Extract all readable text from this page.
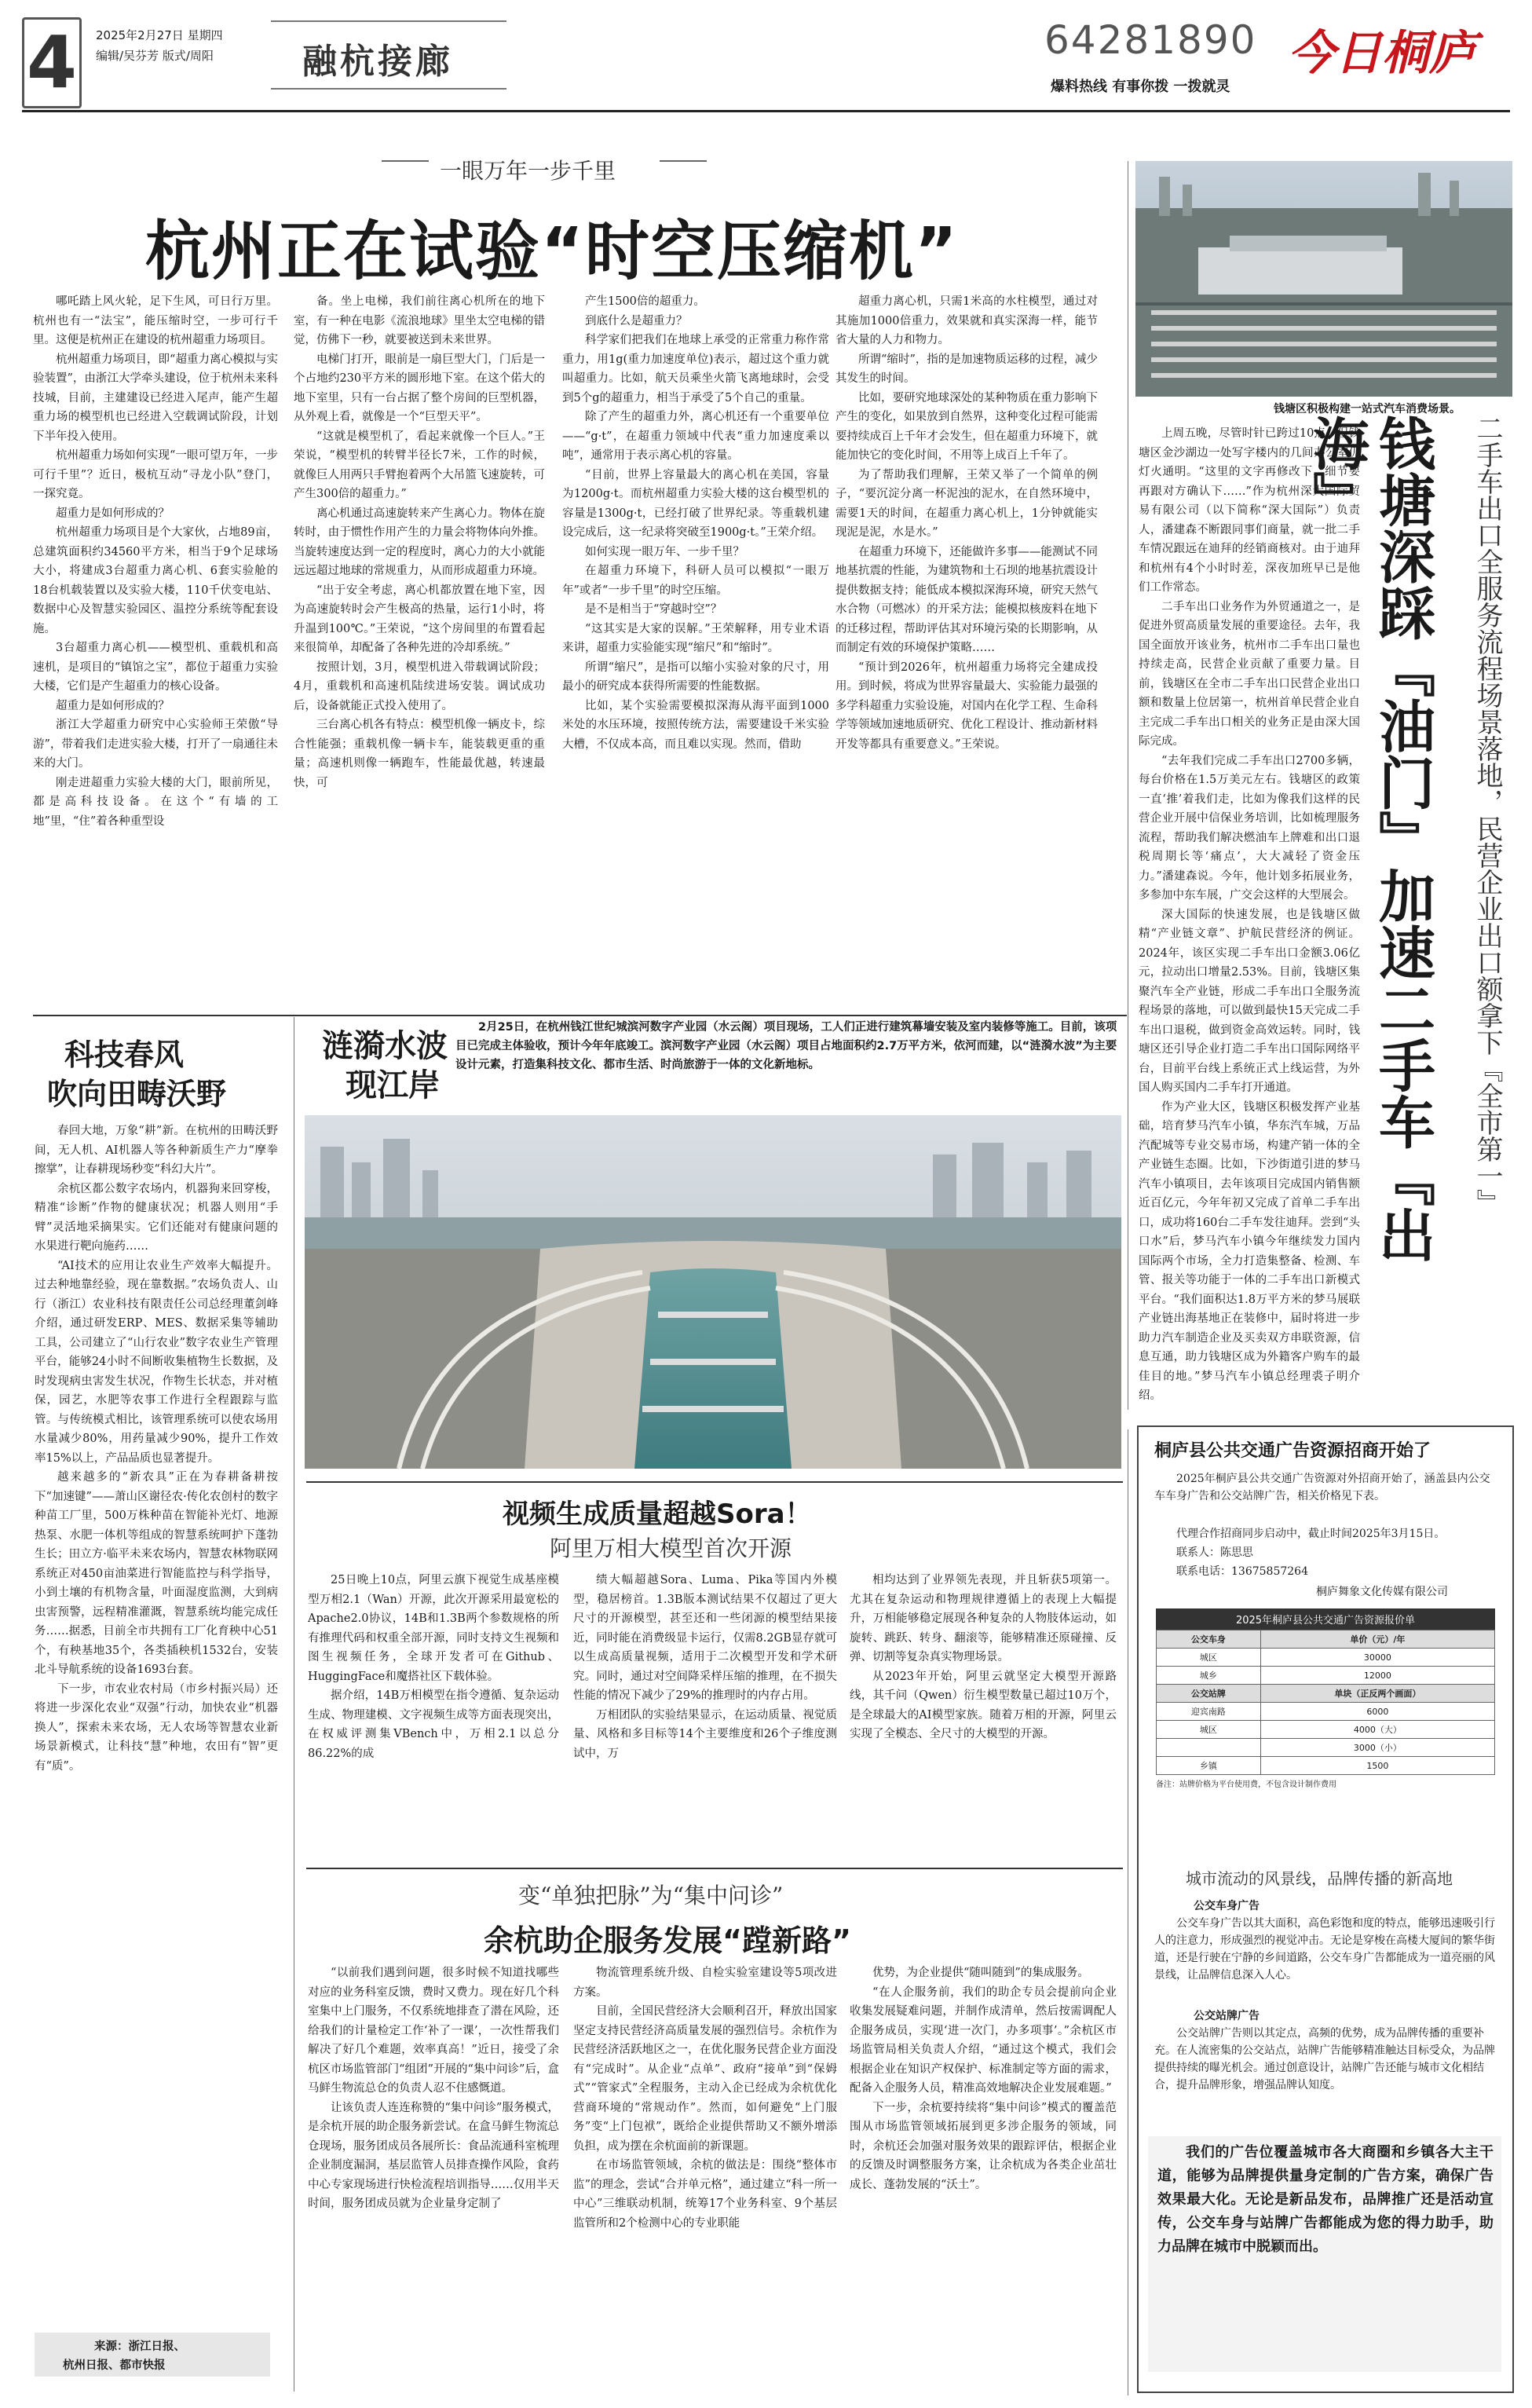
4	2025年2月27日 星期四
编辑/吴芬芳 版式/周阳	融杭接廊	64281890
爆料热线 有事你拨 一拨就灵
今日桐庐
一眼万年一步千里
杭州正在试验“时空压缩机”

哪吒踏上风火轮，足下生风，可日行万里。杭州也有一“法宝”，能压缩时空，一步可行千里。这便是杭州正在建设的杭州超重力场项目。

杭州超重力场项目，即“超重力离心模拟与实验装置”，由浙江大学牵头建设，位于杭州未来科技城，目前，主建建设已经进入尾声，能产生超重力场的模型机也已经进入空载调试阶段，计划下半年投入使用。

杭州超重力场如何实现“一眼可望万年，一步可行千里”？近日，极杭互动“寻龙小队”登门，一探究竟。

超重力是如何形成的？

杭州超重力场项目是个大家伙，占地89亩，总建筑面积约34560平方米，相当于9个足球场大小，将建成3台超重力离心机、6套实验舱的18台机载装置以及实验大楼，110千伏变电站、数据中心及智慧实验园区、温控分系统等配套设施。

3台超重力离心机——模型机、重载机和高速机，是项目的“镇馆之宝”，都位于超重力实验大楼，它们是产生超重力的核心设备。

超重力是如何形成的？

浙江大学超重力研究中心实验师王荣傲“导游”，带着我们走进实验大楼，打开了一扇通往未来的大门。

刚走进超重力实验大楼的大门，眼前所见，都是高科技设备。在这个“有墙的工地”里，“住”着各种重型设

备。坐上电梯，我们前往离心机所在的地下室，有一种在电影《流浪地球》里坐太空电梯的错觉，仿佛下一秒，就要被送到未来世界。

电梯门打开，眼前是一扇巨型大门，门后是一个占地约230平方米的圆形地下室。在这个偌大的地下室里，只有一台占据了整个房间的巨型机器，从外观上看，就像是一个“巨型天平”。

“这就是模型机了，看起来就像一个巨人。”王荣说，“模型机的转臂半径长7米，工作的时候，就像巨人用两只手臂抱着两个大吊篮飞速旋转，可产生300倍的超重力。”

离心机通过高速旋转来产生离心力。物体在旋转时，由于惯性作用产生的力量会将物体向外推。当旋转速度达到一定的程度时，离心力的大小就能远远超过地球的常规重力，从而形成超重力环境。

“出于安全考虑，离心机都放置在地下室，因为高速旋转时会产生极高的热量，运行1小时，将升温到100℃。”王荣说，“这个房间里的布置看起来很简单，却配备了各种先进的冷却系统。”

按照计划，3月，模型机进入带载调试阶段；4月，重载机和高速机陆续进场安装。调试成功后，设备就能正式投入使用了。

三台离心机各有特点：模型机像一辆皮卡，综合性能强；重载机像一辆卡车，能装载更重的重量；高速机则像一辆跑车，性能最优越，转速最快，可

产生1500倍的超重力。

到底什么是超重力？

科学家们把我们在地球上承受的正常重力称作常重力，用1g(重力加速度单位)表示，超过这个重力就叫超重力。比如，航天员乘坐火箭飞离地球时，会受到5个g的超重力，相当于承受了5个自己的重量。

除了产生的超重力外，离心机还有一个重要单位——“g·t”，在超重力领域中代表“重力加速度乘以吨”，通常用于表示离心机的容量。

“目前，世界上容量最大的离心机在美国，容量为1200g·t。而杭州超重力实验大楼的这台模型机的容量是1300g·t，已经打破了世界纪录。等重载机建设完成后，这一纪录将突破至1900g·t。”王荣介绍。

如何实现一眼万年、一步千里？

在超重力环境下，科研人员可以模拟“一眼万年”或者“一步千里”的时空压缩。

是不是相当于“穿越时空”？

“这其实是大家的误解。”王荣解释，用专业术语来讲，超重力实验能实现“缩尺”和“缩时”。

所谓“缩尺”，是指可以缩小实验对象的尺寸，用最小的研究成本获得所需要的性能数据。

比如，某个实验需要模拟深海从海平面到1000米处的水压环境，按照传统方法，需要建设千米实验大槽，不仅成本高，而且难以实现。然而，借助

超重力离心机，只需1米高的水柱模型，通过对其施加1000倍重力，效果就和真实深海一样，能节省大量的人力和物力。

所谓“缩时”，指的是加速物质运移的过程，减少其发生的时间。

比如，要研究地球深处的某种物质在重力影响下产生的变化，如果放到自然界，这种变化过程可能需要持续成百上千年才会发生，但在超重力环境下，就能加快它的变化时间，不用等上成百上千年了。

为了帮助我们理解，王荣又举了一个简单的例子，“要沉淀分离一杯泥浊的泥水，在自然环境中，需要1天的时间，在超重力离心机上，1分钟就能实现泥是泥，水是水。”

在超重力环境下，还能做许多事——能测试不同地基抗震的性能，为建筑物和土石坝的地基抗震设计提供数据支持；能低成本模拟深海环境，研究天然气水合物（可燃冰）的开采方法；能模拟核废料在地下的迁移过程，帮助评估其对环境污染的长期影响，从而制定有效的环境保护策略……

“预计到2026年，杭州超重力场将完全建成投用。到时候，将成为世界容量最大、实验能力最强的多学科超重力实验设施，对国内在化学工程、生命科学等领域加速地质研究、优化工程设计、推动新材料开发等都具有重要意义。”王荣说。

钱塘区积极构建一站式汽车消费场景。
二手车出口全服务流程场景落地，民营企业出口额拿下『全市第一』
钱塘深踩『油门』加速二手车『出海』

上周五晚，尽管时针已跨过10点，但钱塘区金沙湖边一处写字楼内的几间办公室仍灯火通明。“这里的文字再修改下，细节要再跟对方确认下……”作为杭州深大国际贸易有限公司（以下简称“深大国际”）负责人，潘建森不断跟同事们商量，就一批二手车情况跟远在迪拜的经销商核对。由于迪拜和杭州有4个小时时差，深夜加班早已是他们工作常态。

二手车出口业务作为外贸通道之一，是促进外贸高质量发展的重要途径。去年，我国全面放开该业务，杭州市二手车出口量也持续走高，民营企业贡献了重要力量。目前，钱塘区在全市二手车出口民营企业出口额和数量上位居第一，杭州首单民营企业自主完成二手车出口相关的业务正是由深大国际完成。

“去年我们完成二手车出口2700多辆，每台价格在1.5万美元左右。钱塘区的政策一直‘推’着我们走，比如为像我们这样的民营企业开展中信保业务培训，比如梳理服务流程，帮助我们解决燃油车上牌难和出口退税周期长等‘痛点’，大大减轻了资金压力。”潘建森说。今年，他计划多拓展业务，多参加中东车展，广交会这样的大型展会。

深大国际的快速发展，也是钱塘区做精“产业链文章”、护航民营经济的例证。2024年，该区实现二手车出口金额3.06亿元，拉动出口增量2.53%。目前，钱塘区集聚汽车全产业链，形成二手车出口全服务流程场景的落地，可以做到最快15天完成二手车出口退税，做到资金高效运转。同时，钱塘区还引导企业打造二手车出口国际网络平台，目前平台线上系统正式上线运营，为外国人购买国内二手车打开通道。

作为产业大区，钱塘区积极发挥产业基础，培育梦马汽车小镇，华东汽车城，万品汽配城等专业交易市场，构建产销一体的全产业链生态圈。比如，下沙街道引进的梦马汽车小镇项目，去年该项目完成国内销售额近百亿元，今年年初又完成了首单二手车出口，成功将160台二手车发往迪拜。尝到“头口水”后，梦马汽车小镇今年继续发力国内国际两个市场，全力打造集整备、检测、车管、报关等功能于一体的二手车出口新模式平台。“我们面积达1.8万平方米的梦马展联产业链出海基地正在装修中，届时将进一步助力汽车制造企业及买卖双方串联资源，信息互通，助力钱塘区成为外籍客户购车的最佳目的地。”梦马汽车小镇总经理裘子明介绍。

科技春风
吹向田畴沃野

春回大地，万象“耕”新。在杭州的田畴沃野间，无人机、AI机器人等各种新质生产力“摩拳擦掌”，让春耕现场秒变“科幻大片”。

余杭区都公数字农场内，机器狗来回穿梭，精准“诊断”作物的健康状况；机器人则用“手臂”灵活地采摘果实。它们还能对有健康问题的水果进行靶向施药……

“AI技术的应用让农业生产效率大幅提升。过去种地靠经验，现在靠数据。”农场负责人、山行（浙江）农业科技有限责任公司总经理董剑峰介绍，通过研发ERP、MES、数据采集等辅助工具，公司建立了“山行农业”数字农业生产管理平台，能够24小时不间断收集植物生长数据，及时发现病虫害发生状况，作物生长状态，并对植保，园艺，水肥等农事工作进行全程跟踪与监管。与传统模式相比，该管理系统可以使农场用水量减少80%，用药量减少90%，提升工作效率15%以上，产品品质也显著提升。

越来越多的“新农具”正在为春耕备耕按下“加速键”——萧山区谢径农·传化农创村的数字种苗工厂里，500万株种苗在智能补光灯、地源热泵、水肥一体机等组成的智慧系统呵护下蓬勃生长；田立方·临平未来农场内，智慧农林物联网系统正对450亩油菜进行智能监控与科学指导，小到土壤的有机物含量，叶面湿度监测，大到病虫害预警，远程精准灌溉，智慧系统均能完成任务……据悉，目前全市共拥有工厂化育秧中心51个，有秧基地35个，各类插秧机1532台，安装北斗导航系统的设备1693台套。

下一步，市农业农村局（市乡村振兴局）还将进一步深化农业“双强”行动，加快农业“机器换人”，探索未来农场，无人农场等智慧农业新场景新模式，让科技“慧”种地，农田有“智”更有“质”。

来源：浙江日报、
杭州日报、都市快报
涟漪水波
现江岸
2月25日，在杭州钱江世纪城滨河数字产业园（水云阁）项目现场，工人们正进行建筑幕墙安装及室内装修等施工。目前，该项目已完成主体验收，预计今年年底竣工。滨河数字产业园（水云阁）项目占地面积约2.7万平方米，依河而建，以“涟漪水波”为主要设计元素，打造集科技文化、都市生活、时尚旅游于一体的文化新地标。
视频生成质量超越Sora！
阿里万相大模型首次开源

25日晚上10点，阿里云旗下视觉生成基座模型万相2.1（Wan）开源，此次开源采用最宽松的Apache2.0协议，14B和1.3B两个参数规格的所有推理代码和权重全部开源，同时支持文生视频和图生视频任务，全球开发者可在Github、HuggingFace和魔搭社区下载体验。

据介绍，14B万相模型在指令遵循、复杂运动生成、物理建模、文字视频生成等方面表现突出，在权威评测集VBench中，万相2.1以总分86.22%的成

绩大幅超越Sora、Luma、Pika等国内外模型，稳居榜首。1.3B版本测试结果不仅超过了更大尺寸的开源模型，甚至还和一些闭源的模型结果接近，同时能在消费级显卡运行，仅需8.2GB显存就可以生成高质量视频，适用于二次模型开发和学术研究。同时，通过对空间降采样压缩的推理，在不损失性能的情况下减少了29%的推理时的内存占用。

万相团队的实验结果显示，在运动质量、视觉质量、风格和多目标等14个主要维度和26个子维度测试中，万

相均达到了业界领先表现，并且斩获5项第一。尤其在复杂运动和物理规律遵循上的表现上大幅提升，万相能够稳定展现各种复杂的人物肢体运动，如旋转、跳跃、转身、翻滚等，能够精准还原碰撞、反弹、切割等复杂真实物理场景。

从2023年开始，阿里云就坚定大模型开源路线，其千问（Qwen）衍生模型数量已超过10万个，是全球最大的AI模型家族。随着万相的开源，阿里云实现了全模态、全尺寸的大模型的开源。

变“单独把脉”为“集中问诊”
余杭助企服务发展“蹚新路”

“以前我们遇到问题，很多时候不知道找哪些对应的业务科室反馈，费时又费力。现在好几个科室集中上门服务，不仅系统地排查了潜在风险，还给我们的计量检定工作‘补了一课’，一次性帮我们解决了好几个难题，效率真高！”近日，接受了余杭区市场监管部门“组团”开展的“集中问诊”后，盒马鲜生物流总仓的负责人忍不住感慨道。

让该负责人连连称赞的“集中问诊”服务模式，是余杭开展的助企服务新尝试。在盒马鲜生物流总仓现场，服务团成员各展所长：食品流通科室梳理企业制度漏洞，基层监管人员排查操作风险，食药中心专家现场进行快检流程培训指导……仅用半天时间，服务团成员就为企业量身定制了

物流管理系统升级、自检实验室建设等5项改进方案。

目前，全国民营经济大会顺利召开，释放出国家坚定支持民营经济高质量发展的强烈信号。余杭作为民营经济活跃地区之一，在优化服务民营企业方面没有“完成时”。从企业“点单”、政府“接单”到“保姆式”“管家式”全程服务，主动入企已经成为余杭优化营商环境的“常规动作”。然而，如何避免“上门服务”变“上门包袱”，既给企业提供帮助又不额外增添负担，成为摆在余杭面前的新课题。

在市场监管领域，余杭的做法是：围绕“整体市监”的理念，尝试“合并单元格”，通过建立“科一所一中心”三维联动机制，统筹17个业务科室、9个基层监管所和2个检测中心的专业职能

优势，为企业提供“随叫随到”的集成服务。

“在人企服务前，我们的助企专员会提前向企业收集发展疑难问题，并制作成清单，然后按需调配人企服务成员，实现‘进一次门，办多项事’。”余杭区市场监管局相关负责人介绍，“通过这个模式，我们会根据企业在知识产权保护、标准制定等方面的需求，配备入企服务人员，精准高效地解决企业发展难题。”

下一步，余杭要持续将“集中问诊”模式的覆盖范围从市场监管领域拓展到更多涉企服务的领域，同时，余杭还会加强对服务效果的跟踪评估，根据企业的反馈及时调整服务方案，让余杭成为各类企业茁壮成长、蓬勃发展的“沃土”。

桐庐县公共交通广告资源招商开始了
2025年桐庐县公共交通广告资源对外招商开始了，涵盖县内公交车车身广告和公交站牌广告，相关价格见下表。
代理合作招商同步启动中，截止时间2025年3月15日。
联系人：陈思思
联系电话：13675857264
桐庐舞象文化传媒有限公司
2025年桐庐县公共交通广告资源报价单
公交车身	单价（元）/年
城区	30000
城乡	12000
公交站牌	单块（正反两个画面）
迎宾南路	6000
城区	4000（大）
	3000（小）
乡镇	1500
备注：站牌价格为平台使用费，不包含设计制作费用
城市流动的风景线，品牌传播的新高地
公交车身广告
公交车身广告以其大面积，高色彩饱和度的特点，能够迅速吸引行人的注意力，形成强烈的视觉冲击。无论是穿梭在高楼大厦间的繁华街道，还是行驶在宁静的乡间道路，公交车身广告都能成为一道亮丽的风景线，让品牌信息深入人心。
公交站牌广告
公交站牌广告则以其定点，高频的优势，成为品牌传播的重要补充。在人流密集的公交站点，站牌广告能够精准触达目标受众，为品牌提供持续的曝光机会。通过创意设计，站牌广告还能与城市文化相结合，提升品牌形象，增强品牌认知度。
我们的广告位覆盖城市各大商圈和乡镇各大主干道，能够为品牌提供量身定制的广告方案，确保广告效果最大化。无论是新品发布，品牌推广还是活动宣传，公交车身与站牌广告都能成为您的得力助手，助力品牌在城市中脱颖而出。
